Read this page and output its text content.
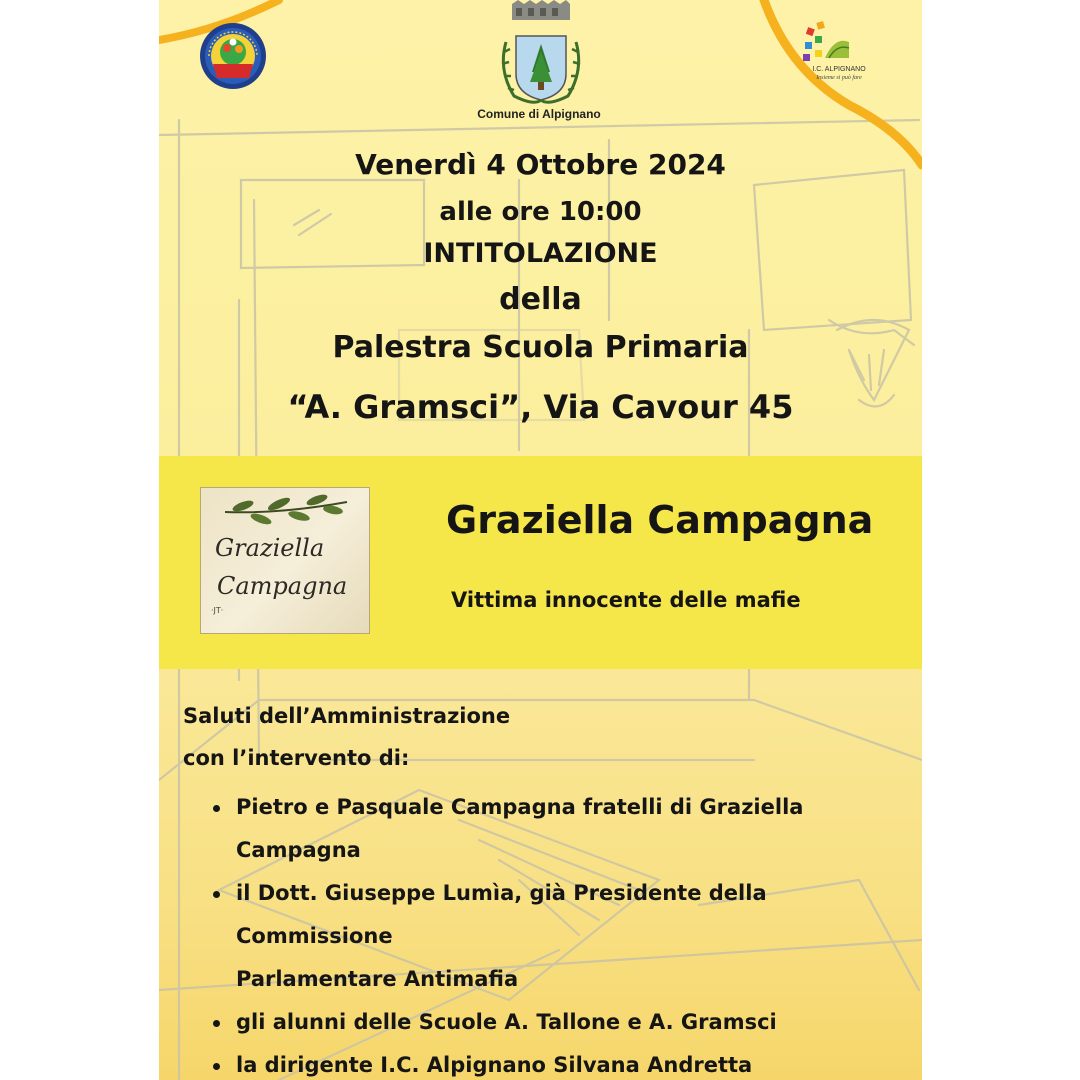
Comune di Alpignano
I.C. ALPIGNANO
Insieme si può fare
Venerdì 4 Ottobre 2024
alle ore 10:00
INTITOLAZIONE
della
Palestra Scuola Primaria
“A. Gramsci”, Via Cavour 45
Graziella
Campagna
·JT·
Graziella Campagna
Vittima innocente delle mafie
Saluti dell’Amministrazione
con l’intervento di:
Pietro e Pasquale Campagna fratelli di Graziella
Campagna
il Dott. Giuseppe Lumìa, già Presidente della Commissione
Parlamentare Antimafia
gli alunni delle Scuole A. Tallone e A. Gramsci
la dirigente I.C. Alpignano Silvana Andretta
